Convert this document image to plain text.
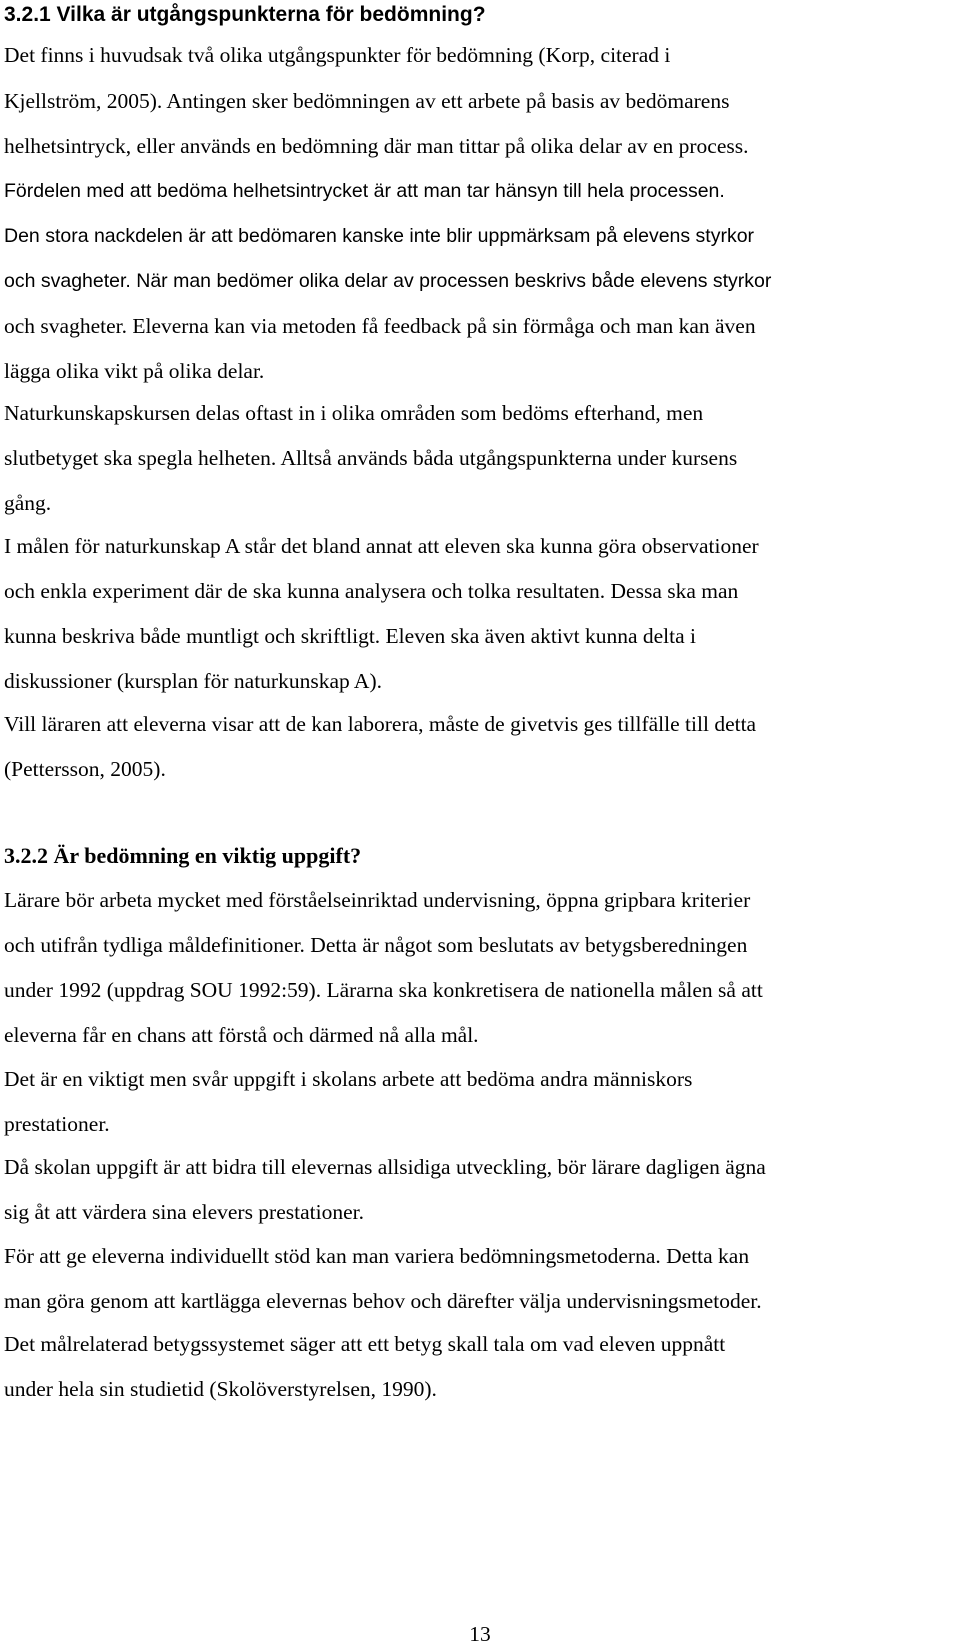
3.2.1 Vilka är utgångspunkterna för bedömning?
Det finns i huvudsak två olika utgångspunkter för bedömning (Korp, citerad i
Kjellström, 2005). Antingen sker bedömningen av ett arbete på basis av bedömarens
helhetsintryck, eller används en bedömning där man tittar på olika delar av en process.
Fördelen med att bedöma helhetsintrycket är att man tar hänsyn till hela processen.
Den stora nackdelen är att bedömaren kanske inte blir uppmärksam på elevens styrkor
och svagheter. När man bedömer olika delar av processen beskrivs både elevens styrkor
och svagheter. Eleverna kan via metoden få feedback på sin förmåga och man kan även
lägga olika vikt på olika delar.
Naturkunskapskursen delas oftast in i olika områden som bedöms efterhand, men
slutbetyget ska spegla helheten. Alltså används båda utgångspunkterna under kursens
gång.
I målen för naturkunskap A står det bland annat att eleven ska kunna göra observationer
och enkla experiment där de ska kunna analysera och tolka resultaten. Dessa ska man
kunna beskriva både muntligt och skriftligt. Eleven ska även aktivt kunna delta i
diskussioner (kursplan för naturkunskap A).
Vill läraren att eleverna visar att de kan laborera, måste de givetvis ges tillfälle till detta
(Pettersson, 2005).
3.2.2 Är bedömning en viktig uppgift?
Lärare bör arbeta mycket med förståelseinriktad undervisning, öppna gripbara kriterier
och utifrån tydliga måldefinitioner. Detta är något som beslutats av betygsberedningen
under 1992 (uppdrag SOU 1992:59). Lärarna ska konkretisera de nationella målen så att
eleverna får en chans att förstå och därmed nå alla mål.
Det är en viktigt men svår uppgift i skolans arbete att bedöma andra människors
prestationer.
Då skolan uppgift är att bidra till elevernas allsidiga utveckling, bör lärare dagligen ägna
sig åt att värdera sina elevers prestationer.
För att ge eleverna individuellt stöd kan man variera bedömningsmetoderna. Detta kan
man göra genom att kartlägga elevernas behov och därefter välja undervisningsmetoder.
Det målrelaterad betygssystemet säger att ett betyg skall tala om vad eleven uppnått
under hela sin studietid (Skolöverstyrelsen, 1990).
13
